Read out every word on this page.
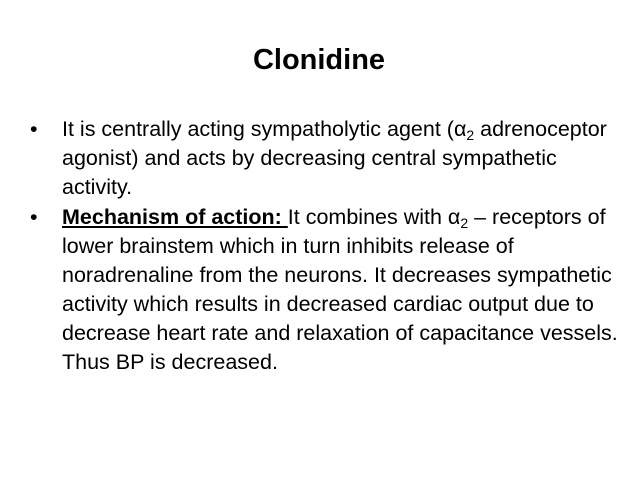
Clonidine
•	It is centrally acting sympatholytic agent ($\alpha_2$ adrenoceptor agonist) and acts by decreasing central sympathetic activity.
•	Mechanism of action: It combines with $\alpha_2$ – receptors of lower brainstem which in turn inhibits release of noradrenaline from the neurons. It decreases sympathetic activity which results in decreased cardiac output due to decrease heart rate and relaxation of capacitance vessels. Thus BP is decreased.
